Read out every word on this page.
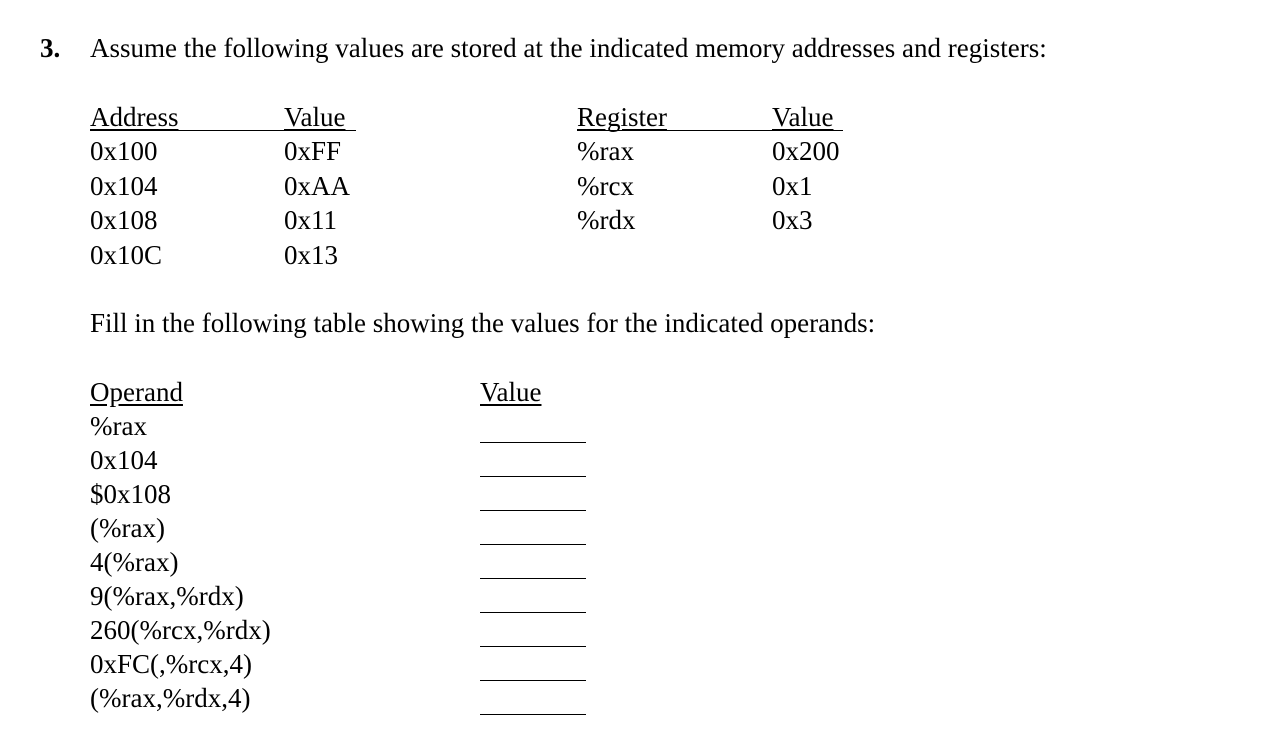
3. Assume the following values are stored at the indicated memory addresses and registers:
Address
0x100
0x104
0x108
0x10C
Value
0xFF
0xAA
0x11
0x13
Register
%rax
%rcx
%rdx
Value
0x200
0x1
0x3
Fill in the following table showing the values for the indicated operands:
Operand
%rax
0x104
$0x108
(%rax)
4(%rax)
9(%rax,%rdx)
260(%rcx,%rdx)
0xFC(,%rcx,4)
(%rax,%rdx,4)
Value
